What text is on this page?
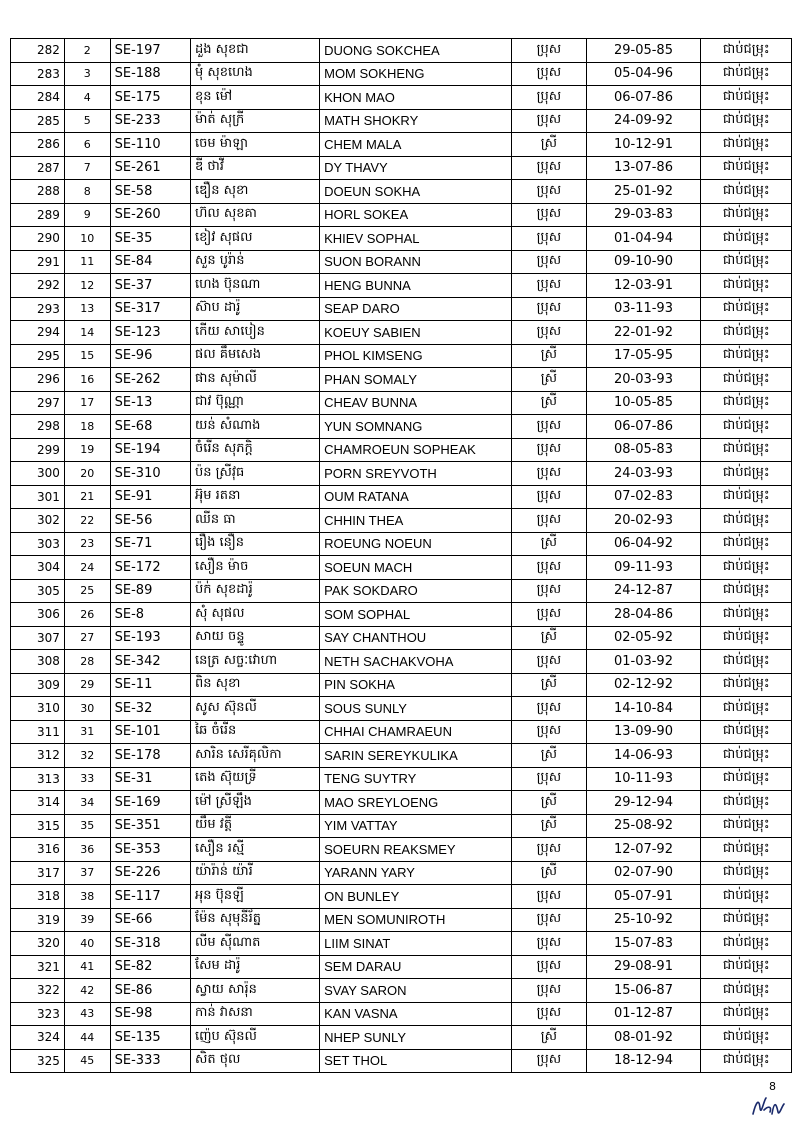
282	2	SE-197	ដួង សុខជា	DUONG SOKCHEA	ប្រុស	29-05-85	ជាប់ជម្រុះ
283	3	SE-188	មុំ សុខហេង	MOM SOKHENG	ប្រុស	05-04-96	ជាប់ជម្រុះ
284	4	SE-175	ខុន ម៉ៅ	KHON MAO	ប្រុស	06-07-86	ជាប់ជម្រុះ
285	5	SE-233	ម៉ាត់ សុក្រី	MATH SHOKRY	ប្រុស	24-09-92	ជាប់ជម្រុះ
286	6	SE-110	ចេម ម៉ាឡា	CHEM MALA	ស្រី	10-12-91	ជាប់ជម្រុះ
287	7	SE-261	ឌី ថាវី	DY THAVY	ប្រុស	13-07-86	ជាប់ជម្រុះ
288	8	SE-58	ឌឿន សុខា	DOEUN SOKHA	ប្រុស	25-01-92	ជាប់ជម្រុះ
289	9	SE-260	ហ៊ល សុខគា	HORL SOKEA	ប្រុស	29-03-83	ជាប់ជម្រុះ
290	10	SE-35	ខៀវ សុផល	KHIEV SOPHAL	ប្រុស	01-04-94	ជាប់ជម្រុះ
291	11	SE-84	សួន បូរ៉ាន់	SUON BORANN	ប្រុស	09-10-90	ជាប់ជម្រុះ
292	12	SE-37	ហេង ប៊ុនណា	HENG BUNNA	ប្រុស	12-03-91	ជាប់ជម្រុះ
293	13	SE-317	ស៊ាប ដារ៉ូ	SEAP DARO	ប្រុស	03-11-93	ជាប់ជម្រុះ
294	14	SE-123	កើយ សាបៀន	KOEUY SABIEN	ប្រុស	22-01-92	ជាប់ជម្រុះ
295	15	SE-96	ផល គឹមសេង	PHOL KIMSENG	ស្រី	17-05-95	ជាប់ជម្រុះ
296	16	SE-262	ផាន សុម៉ាលី	PHAN SOMALY	ស្រី	20-03-93	ជាប់ជម្រុះ
297	17	SE-13	ជាវ ប៊ុណ្ណា	CHEAV BUNNA	ស្រី	10-05-85	ជាប់ជម្រុះ
298	18	SE-68	យន់ សំណាង	YUN SOMNANG	ប្រុស	06-07-86	ជាប់ជម្រុះ
299	19	SE-194	ចំរើន សុភក្តិ	CHAMROEUN SOPHEAK	ប្រុស	08-05-83	ជាប់ជម្រុះ
300	20	SE-310	ប៉ន ស្រីវុធ	PORN SREYVOTH	ប្រុស	24-03-93	ជាប់ជម្រុះ
301	21	SE-91	អ៊ុម រតនា	OUM RATANA	ប្រុស	07-02-83	ជាប់ជម្រុះ
302	22	SE-56	ឈីន ធា	CHHIN THEA	ប្រុស	20-02-93	ជាប់ជម្រុះ
303	23	SE-71	រឿង នឿន	ROEUNG NOEUN	ស្រី	06-04-92	ជាប់ជម្រុះ
304	24	SE-172	សឿន ម៉ាច	SOEUN MACH	ប្រុស	09-11-93	ជាប់ជម្រុះ
305	25	SE-89	ប៉ក់ សុខដារ៉ូ	PAK SOKDARO	ប្រុស	24-12-87	ជាប់ជម្រុះ
306	26	SE-8	សុំ សុផល	SOM SOPHAL	ប្រុស	28-04-86	ជាប់ជម្រុះ
307	27	SE-193	សាយ ចន្ទូ	SAY CHANTHOU	ស្រី	02-05-92	ជាប់ជម្រុះ
308	28	SE-342	នេត្រ សច្ចៈវោហា	NETH SACHAKVOHA	ប្រុស	01-03-92	ជាប់ជម្រុះ
309	29	SE-11	ពិន សុខា	PIN SOKHA	ស្រី	02-12-92	ជាប់ជម្រុះ
310	30	SE-32	សូស ស៊ុនលី	SOUS SUNLY	ប្រុស	14-10-84	ជាប់ជម្រុះ
311	31	SE-101	ឆៃ ចំរើន	CHHAI CHAMRAEUN	ប្រុស	13-09-90	ជាប់ជម្រុះ
312	32	SE-178	សារិន សេរីគុលិកា	SARIN SEREYKULIKA	ស្រី	14-06-93	ជាប់ជម្រុះ
313	33	SE-31	តេង ស៊ុយទ្រី	TENG SUYTRY	ប្រុស	10-11-93	ជាប់ជម្រុះ
314	34	SE-169	ម៉ៅ ស្រីឡឹង	MAO SREYLOENG	ស្រី	29-12-94	ជាប់ជម្រុះ
315	35	SE-351	យឹម វត្តី	YIM VATTAY	ស្រី	25-08-92	ជាប់ជម្រុះ
316	36	SE-353	សឿន រស្មី	SOEURN REAKSMEY	ប្រុស	12-07-92	ជាប់ជម្រុះ
317	37	SE-226	យ៉ារ៉ាន់ យ៉ារី	YARANN YARY	ស្រី	02-07-90	ជាប់ជម្រុះ
318	38	SE-117	អុន ប៊ុនឡី	ON BUNLEY	ប្រុស	05-07-91	ជាប់ជម្រុះ
319	39	SE-66	ម៉ែន សុមុនីរ័ត្ន	MEN SOMUNIROTH	ប្រុស	25-10-92	ជាប់ជម្រុះ
320	40	SE-318	លីម ស៊ីណាត	LIIM SINAT	ប្រុស	15-07-83	ជាប់ជម្រុះ
321	41	SE-82	សែម ដារ៉ូ	SEM DARAU	ប្រុស	29-08-91	ជាប់ជម្រុះ
322	42	SE-86	ស្វាយ សារ៉ុន	SVAY SARON	ប្រុស	15-06-87	ជាប់ជម្រុះ
323	43	SE-98	កាន់ វាសនា	KAN VASNA	ប្រុស	01-12-87	ជាប់ជម្រុះ
324	44	SE-135	ញ៉េប ស៊ុនលី	NHEP SUNLY	ស្រី	08-01-92	ជាប់ជម្រុះ
325	45	SE-333	សិត ថុល	SET THOL	ប្រុស	18-12-94	ជាប់ជម្រុះ
8
